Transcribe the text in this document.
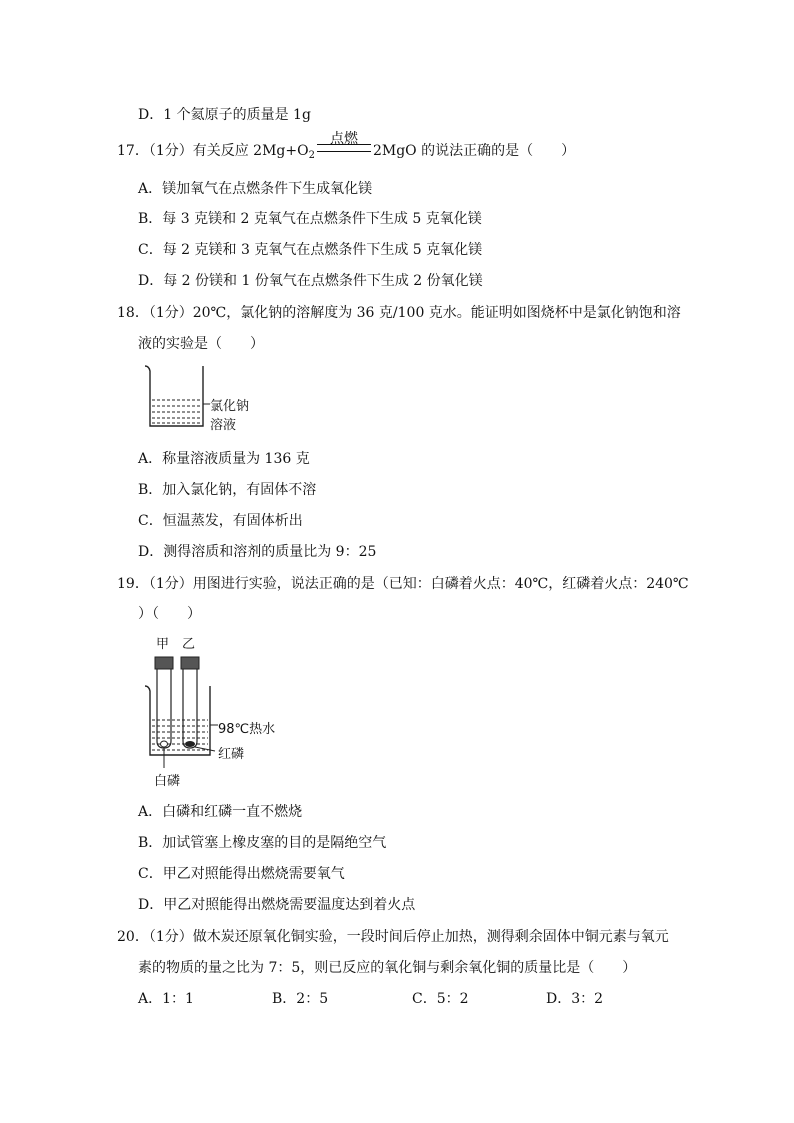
D．1 个氦原子的质量是 1g
17．（1分）有关反应 $2Mg+O_2$
点燃
2MgO 的说法正确的是（　　）
A．镁加氧气在点燃条件下生成氧化镁
B．每 3 克镁和 2 克氧气在点燃条件下生成 5 克氧化镁
C．每 2 克镁和 3 克氧气在点燃条件下生成 5 克氧化镁
D．每 2 份镁和 1 份氧气在点燃条件下生成 2 份氧化镁
18．（1分）20℃，氯化钠的溶解度为 36 克/100 克水。能证明如图烧杯中是氯化钠饱和溶
液的实验是（　　）
氯化钠
溶液
A．称量溶液质量为 136 克
B．加入氯化钠，有固体不溶
C．恒温蒸发，有固体析出
D．测得溶质和溶剂的质量比为 9：25
19．（1分）用图进行实验，说法正确的是（已知：白磷着火点：40℃，红磷着火点：240℃
）（　　）
甲 乙
98℃热水
红磷
白磷
A．白磷和红磷一直不燃烧
B．加试管塞上橡皮塞的目的是隔绝空气
C．甲乙对照能得出燃烧需要氧气
D．甲乙对照能得出燃烧需要温度达到着火点
20．（1分）做木炭还原氧化铜实验，一段时间后停止加热，测得剩余固体中铜元素与氧元
素的物质的量之比为 7：5，则已反应的氧化铜与剩余氧化铜的质量比是（　　）
A．1：1	B．2：5	C．5：2	D．3：2
